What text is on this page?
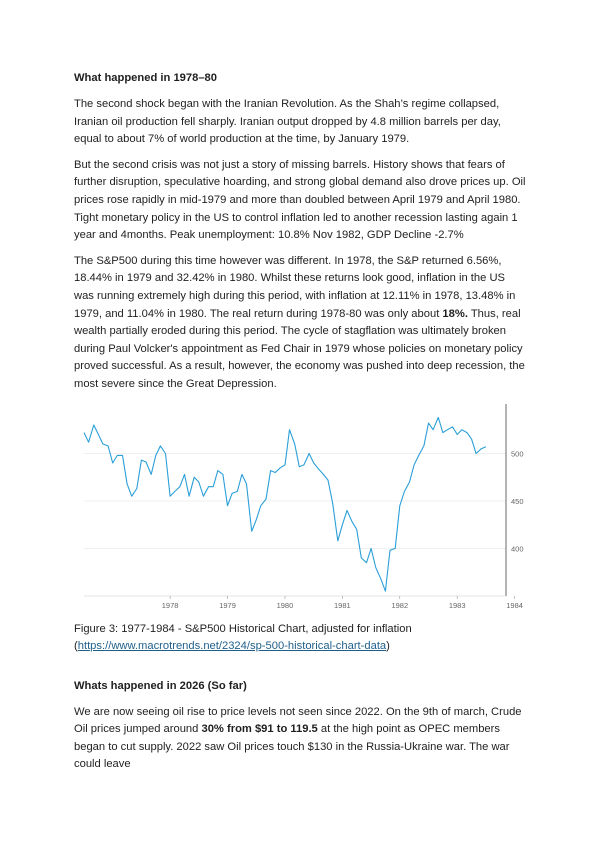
What happened in 1978–80

The second shock began with the Iranian Revolution. As the Shah’s regime collapsed, Iranian oil production fell sharply. Iranian output dropped by 4.8 million barrels per day, equal to about 7% of world production at the time, by January 1979.

But the second crisis was not just a story of missing barrels. History shows that fears of further disruption, speculative hoarding, and strong global demand also drove prices up. Oil prices rose rapidly in mid-1979 and more than doubled between April 1979 and April 1980. Tight monetary policy in the US to control inflation led to another recession lasting again 1 year and 4months. Peak unemployment: 10.8% Nov 1982, GDP Decline -2.7%

The S&P500 during this time however was different. In 1978, the S&P returned 6.56%, 18.44% in 1979 and 32.42% in 1980. Whilst these returns look good, inflation in the US was running extremely high during this period, with inflation at 12.11% in 1978, 13.48% in 1979, and 11.04% in 1980. The real return during 1978-80 was only about 18%. Thus, real wealth partially eroded during this period. The cycle of stagflation was ultimately broken during Paul Volcker's appointment as Fed Chair in 1979 whose policies on monetary policy proved successful. As a result, however, the economy was pushed into deep recession, the most severe since the Great Depression.

400
450
500
1978	1979	1980	1981	1982	1983	1984

Figure 3: 1977-1984 - S&P500 Historical Chart, adjusted for inflation
(https://www.macrotrends.net/2324/sp-500-historical-chart-data)

Whats happened in 2026 (So far)

We are now seeing oil rise to price levels not seen since 2022. On the 9th of march, Crude Oil prices jumped around 30% from $91 to 119.5 at the high point as OPEC members began to cut supply. 2022 saw Oil prices touch $130 in the Russia-Ukraine war. The war could leave
